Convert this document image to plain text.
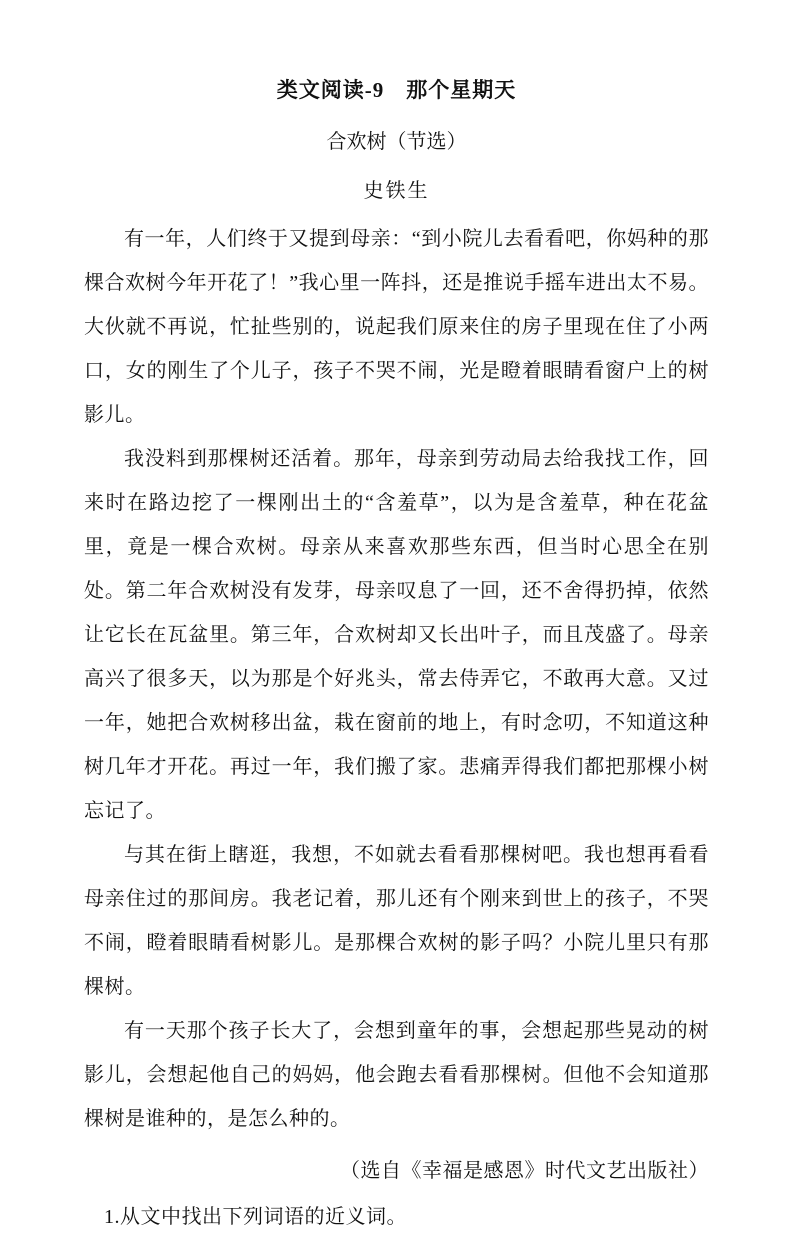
类文阅读-9　那个星期天
合欢树（节选）
史铁生

有一年，人们终于又提到母亲：“到小院儿去看看吧，你妈种的那棵合欢树今年开花了！”我心里一阵抖，还是推说手摇车进出太不易。大伙就不再说，忙扯些别的，说起我们原来住的房子里现在住了小两口，女的刚生了个儿子，孩子不哭不闹，光是瞪着眼睛看窗户上的树影儿。

我没料到那棵树还活着。那年，母亲到劳动局去给我找工作，回来时在路边挖了一棵刚出土的“含羞草”，以为是含羞草，种在花盆里，竟是一棵合欢树。母亲从来喜欢那些东西，但当时心思全在别处。第二年合欢树没有发芽，母亲叹息了一回，还不舍得扔掉，依然让它长在瓦盆里。第三年，合欢树却又长出叶子，而且茂盛了。母亲高兴了很多天，以为那是个好兆头，常去侍弄它，不敢再大意。又过一年，她把合欢树移出盆，栽在窗前的地上，有时念叨，不知道这种树几年才开花。再过一年，我们搬了家。悲痛弄得我们都把那棵小树忘记了。

与其在街上瞎逛，我想，不如就去看看那棵树吧。我也想再看看母亲住过的那间房。我老记着，那儿还有个刚来到世上的孩子，不哭不闹，瞪着眼睛看树影儿。是那棵合欢树的影子吗？小院儿里只有那棵树。

有一天那个孩子长大了，会想到童年的事，会想起那些晃动的树影儿，会想起他自己的妈妈，他会跑去看看那棵树。但他不会知道那棵树是谁种的，是怎么种的。

（选自《幸福是感恩》时代文艺出版社）

1.从文中找出下列词语的近义词。
